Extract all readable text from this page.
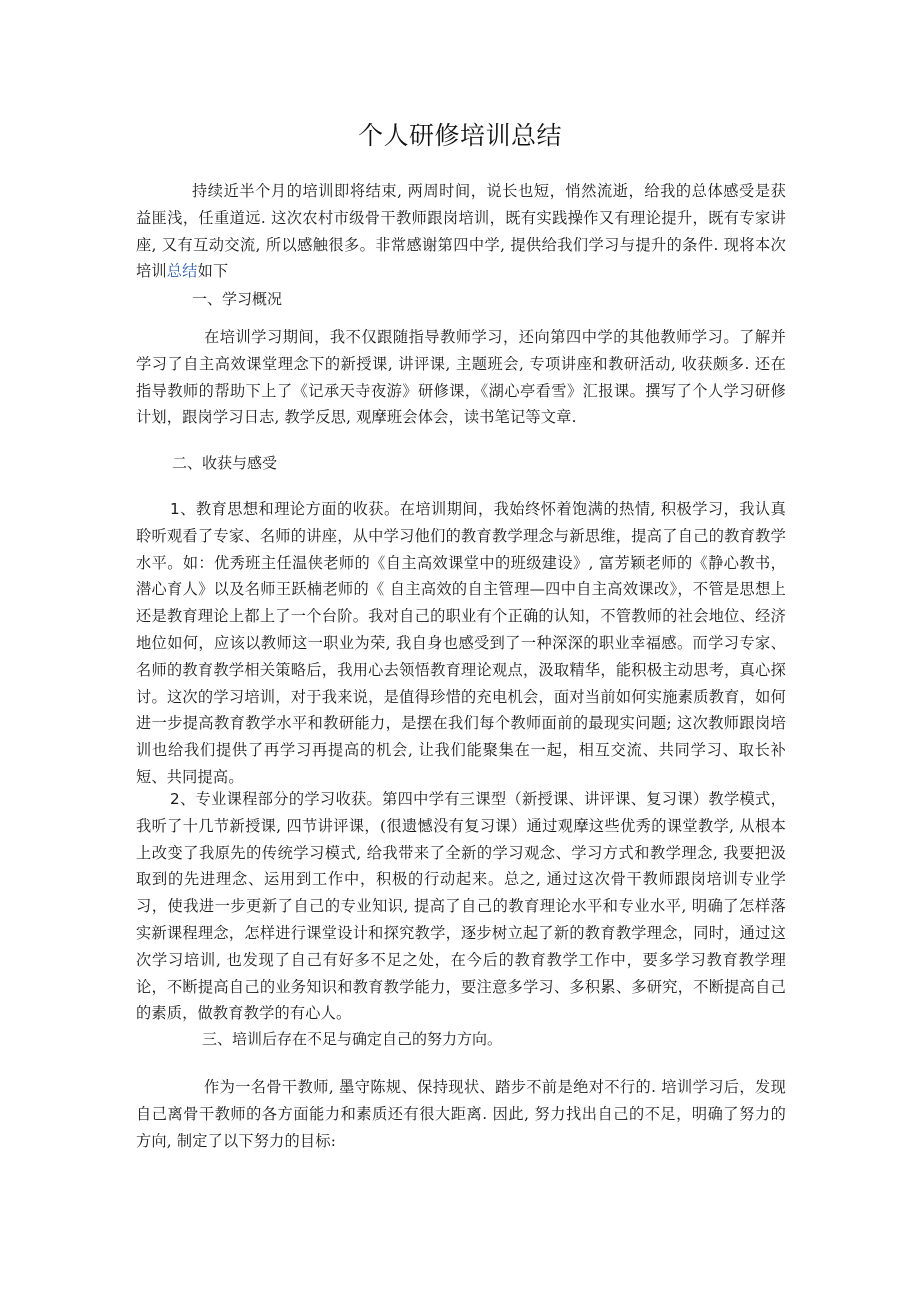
个人研修培训总结

持续近半个月的培训即将结束, 两周时间，说长也短，悄然流逝，给我的总体感受是获益匪浅，任重道远. 这次农村市级骨干教师跟岗培训，既有实践操作又有理论提升，既有专家讲座, 又有互动交流, 所以感触很多。非常感谢第四中学, 提供给我们学习与提升的条件. 现将本次培训总结如下

一、学习概况

在培训学习期间，我不仅跟随指导教师学习，还向第四中学的其他教师学习。了解并学习了自主高效课堂理念下的新授课, 讲评课, 主题班会, 专项讲座和教研活动, 收获颇多. 还在指导教师的帮助下上了《记承天寺夜游》研修课，《湖心亭看雪》汇报课。撰写了个人学习研修计划，跟岗学习日志, 教学反思, 观摩班会体会，读书笔记等文章.

二、收获与感受

1、教育思想和理论方面的收获。在培训期间，我始终怀着饱满的热情, 积极学习，我认真聆听观看了专家、名师的讲座，从中学习他们的教育教学理念与新思维，提高了自己的教育教学水平。如：优秀班主任温侠老师的《自主高效课堂中的班级建设》, 富芳颖老师的《静心教书，潜心育人》以及名师王跃楠老师的《 自主高效的自主管理—四中自主高效课改》，不管是思想上还是教育理论上都上了一个台阶。我对自己的职业有个正确的认知，不管教师的社会地位、经济地位如何，应该以教师这一职业为荣, 我自身也感受到了一种深深的职业幸福感。而学习专家、名师的教育教学相关策略后，我用心去领悟教育理论观点，汲取精华，能积极主动思考，真心探讨。这次的学习培训，对于我来说，是值得珍惜的充电机会，面对当前如何实施素质教育，如何进一步提高教育教学水平和教研能力，是摆在我们每个教师面前的最现实问题; 这次教师跟岗培训也给我们提供了再学习再提高的机会, 让我们能聚集在一起，相互交流、共同学习、取长补短、共同提高。

2、专业课程部分的学习收获。第四中学有三课型（新授课、讲评课、复习课）教学模式，我听了十几节新授课, 四节讲评课，(很遗憾没有复习课）通过观摩这些优秀的课堂教学, 从根本上改变了我原先的传统学习模式, 给我带来了全新的学习观念、学习方式和教学理念, 我要把汲取到的先进理念、运用到工作中，积极的行动起来。总之, 通过这次骨干教师跟岗培训专业学习，使我进一步更新了自己的专业知识, 提高了自己的教育理论水平和专业水平, 明确了怎样落实新课程理念，怎样进行课堂设计和探究教学，逐步树立起了新的教育教学理念，同时，通过这次学习培训, 也发现了自己有好多不足之处，在今后的教育教学工作中，要多学习教育教学理论，不断提高自己的业务知识和教育教学能力，要注意多学习、多积累、多研究，不断提高自己的素质，做教育教学的有心人。

三、培训后存在不足与确定自己的努力方向。

作为一名骨干教师, 墨守陈规、保持现状、踏步不前是绝对不行的. 培训学习后，发现自己离骨干教师的各方面能力和素质还有很大距离. 因此, 努力找出自己的不足，明确了努力的方向, 制定了以下努力的目标:
